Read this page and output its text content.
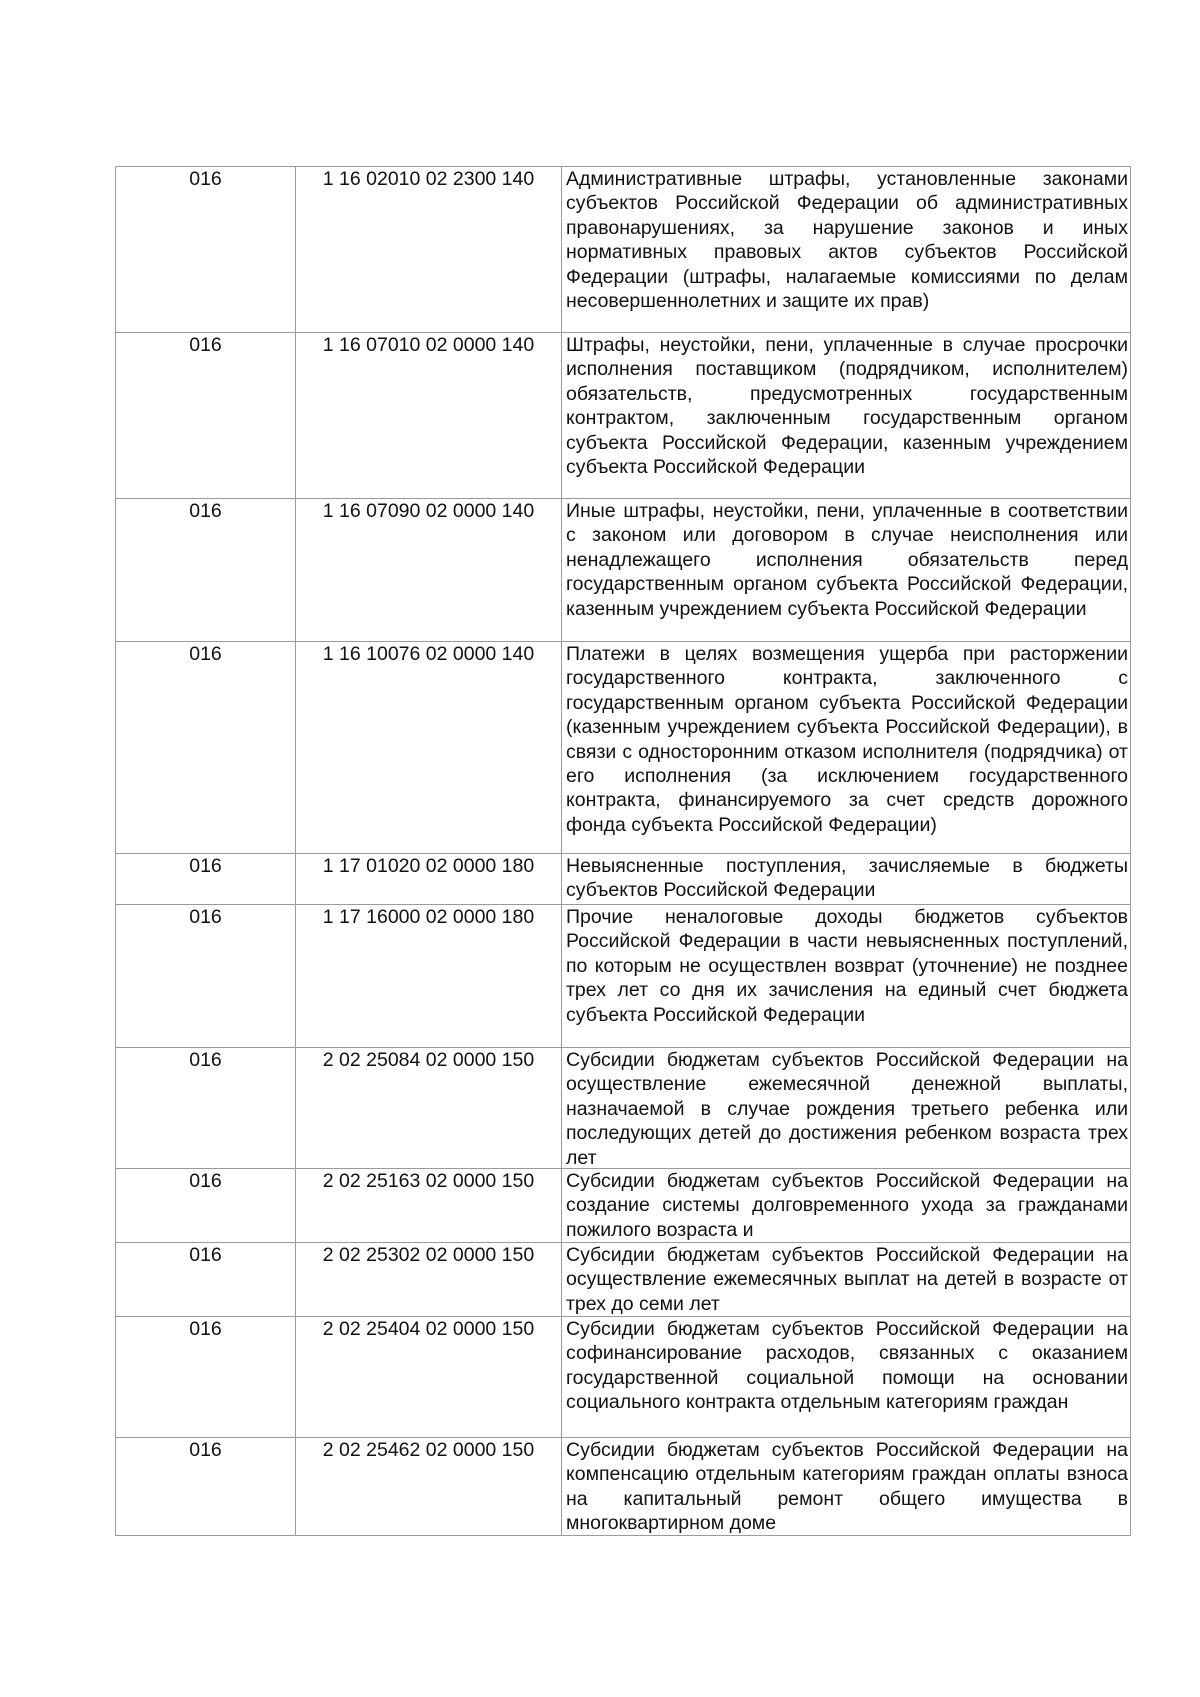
016	1 16 02010 02 2300 140	Административные штрафы, установленные законами субъектов Российской Федерации об административных правонарушениях, за нарушение законов и иных нормативных правовых актов субъектов Российской Федерации (штрафы, налагаемые комиссиями по делам несовершеннолетних и защите их прав)

016	1 16 07010 02 0000 140	Штрафы, неустойки, пени, уплаченные в случае просрочки исполнения поставщиком (подрядчиком, исполнителем) обязательств, предусмотренных государственным контрактом, заключенным государственным органом субъекта Российской Федерации, казенным учреждением субъекта Российской Федерации

016	1 16 07090 02 0000 140	Иные штрафы, неустойки, пени, уплаченные в соответствии с законом или договором в случае неисполнения или ненадлежащего исполнения обязательств перед государственным органом субъекта Российской Федерации, казенным учреждением субъекта Российской Федерации

016	1 16 10076 02 0000 140	Платежи в целях возмещения ущерба при расторжении государственного контракта, заключенного с государственным органом субъекта Российской Федерации (казенным учреждением субъекта Российской Федерации), в связи с односторонним отказом исполнителя (подрядчика) от его исполнения (за исключением государственного контракта, финансируемого за счет средств дорожного фонда субъекта Российской Федерации)

016	1 17 01020 02 0000 180	Невыясненные поступления, зачисляемые в бюджеты субъектов Российской Федерации

016	1 17 16000 02 0000 180	Прочие неналоговые доходы бюджетов субъектов Российской Федерации в части невыясненных поступлений, по которым не осуществлен возврат (уточнение) не позднее трех лет со дня их зачисления на единый счет бюджета субъекта Российской Федерации

016	2 02 25084 02 0000 150	Субсидии бюджетам субъектов Российской Федерации на осуществление ежемесячной денежной выплаты, назначаемой в случае рождения третьего ребенка или последующих детей до достижения ребенком возраста трех лет

016	2 02 25163 02 0000 150	Субсидии бюджетам субъектов Российской Федерации на создание системы долговременного ухода за гражданами пожилого возраста и

016	2 02 25302 02 0000 150	Субсидии бюджетам субъектов Российской Федерации на осуществление ежемесячных выплат на детей в возрасте от трех до семи лет

016	2 02 25404 02 0000 150	Субсидии бюджетам субъектов Российской Федерации на софинансирование расходов, связанных с оказанием государственной социальной помощи на основании социального контракта отдельным категориям граждан

016	2 02 25462 02 0000 150	Субсидии бюджетам субъектов Российской Федерации на компенсацию отдельным категориям граждан оплаты взноса на капитальный ремонт общего имущества в многоквартирном доме
